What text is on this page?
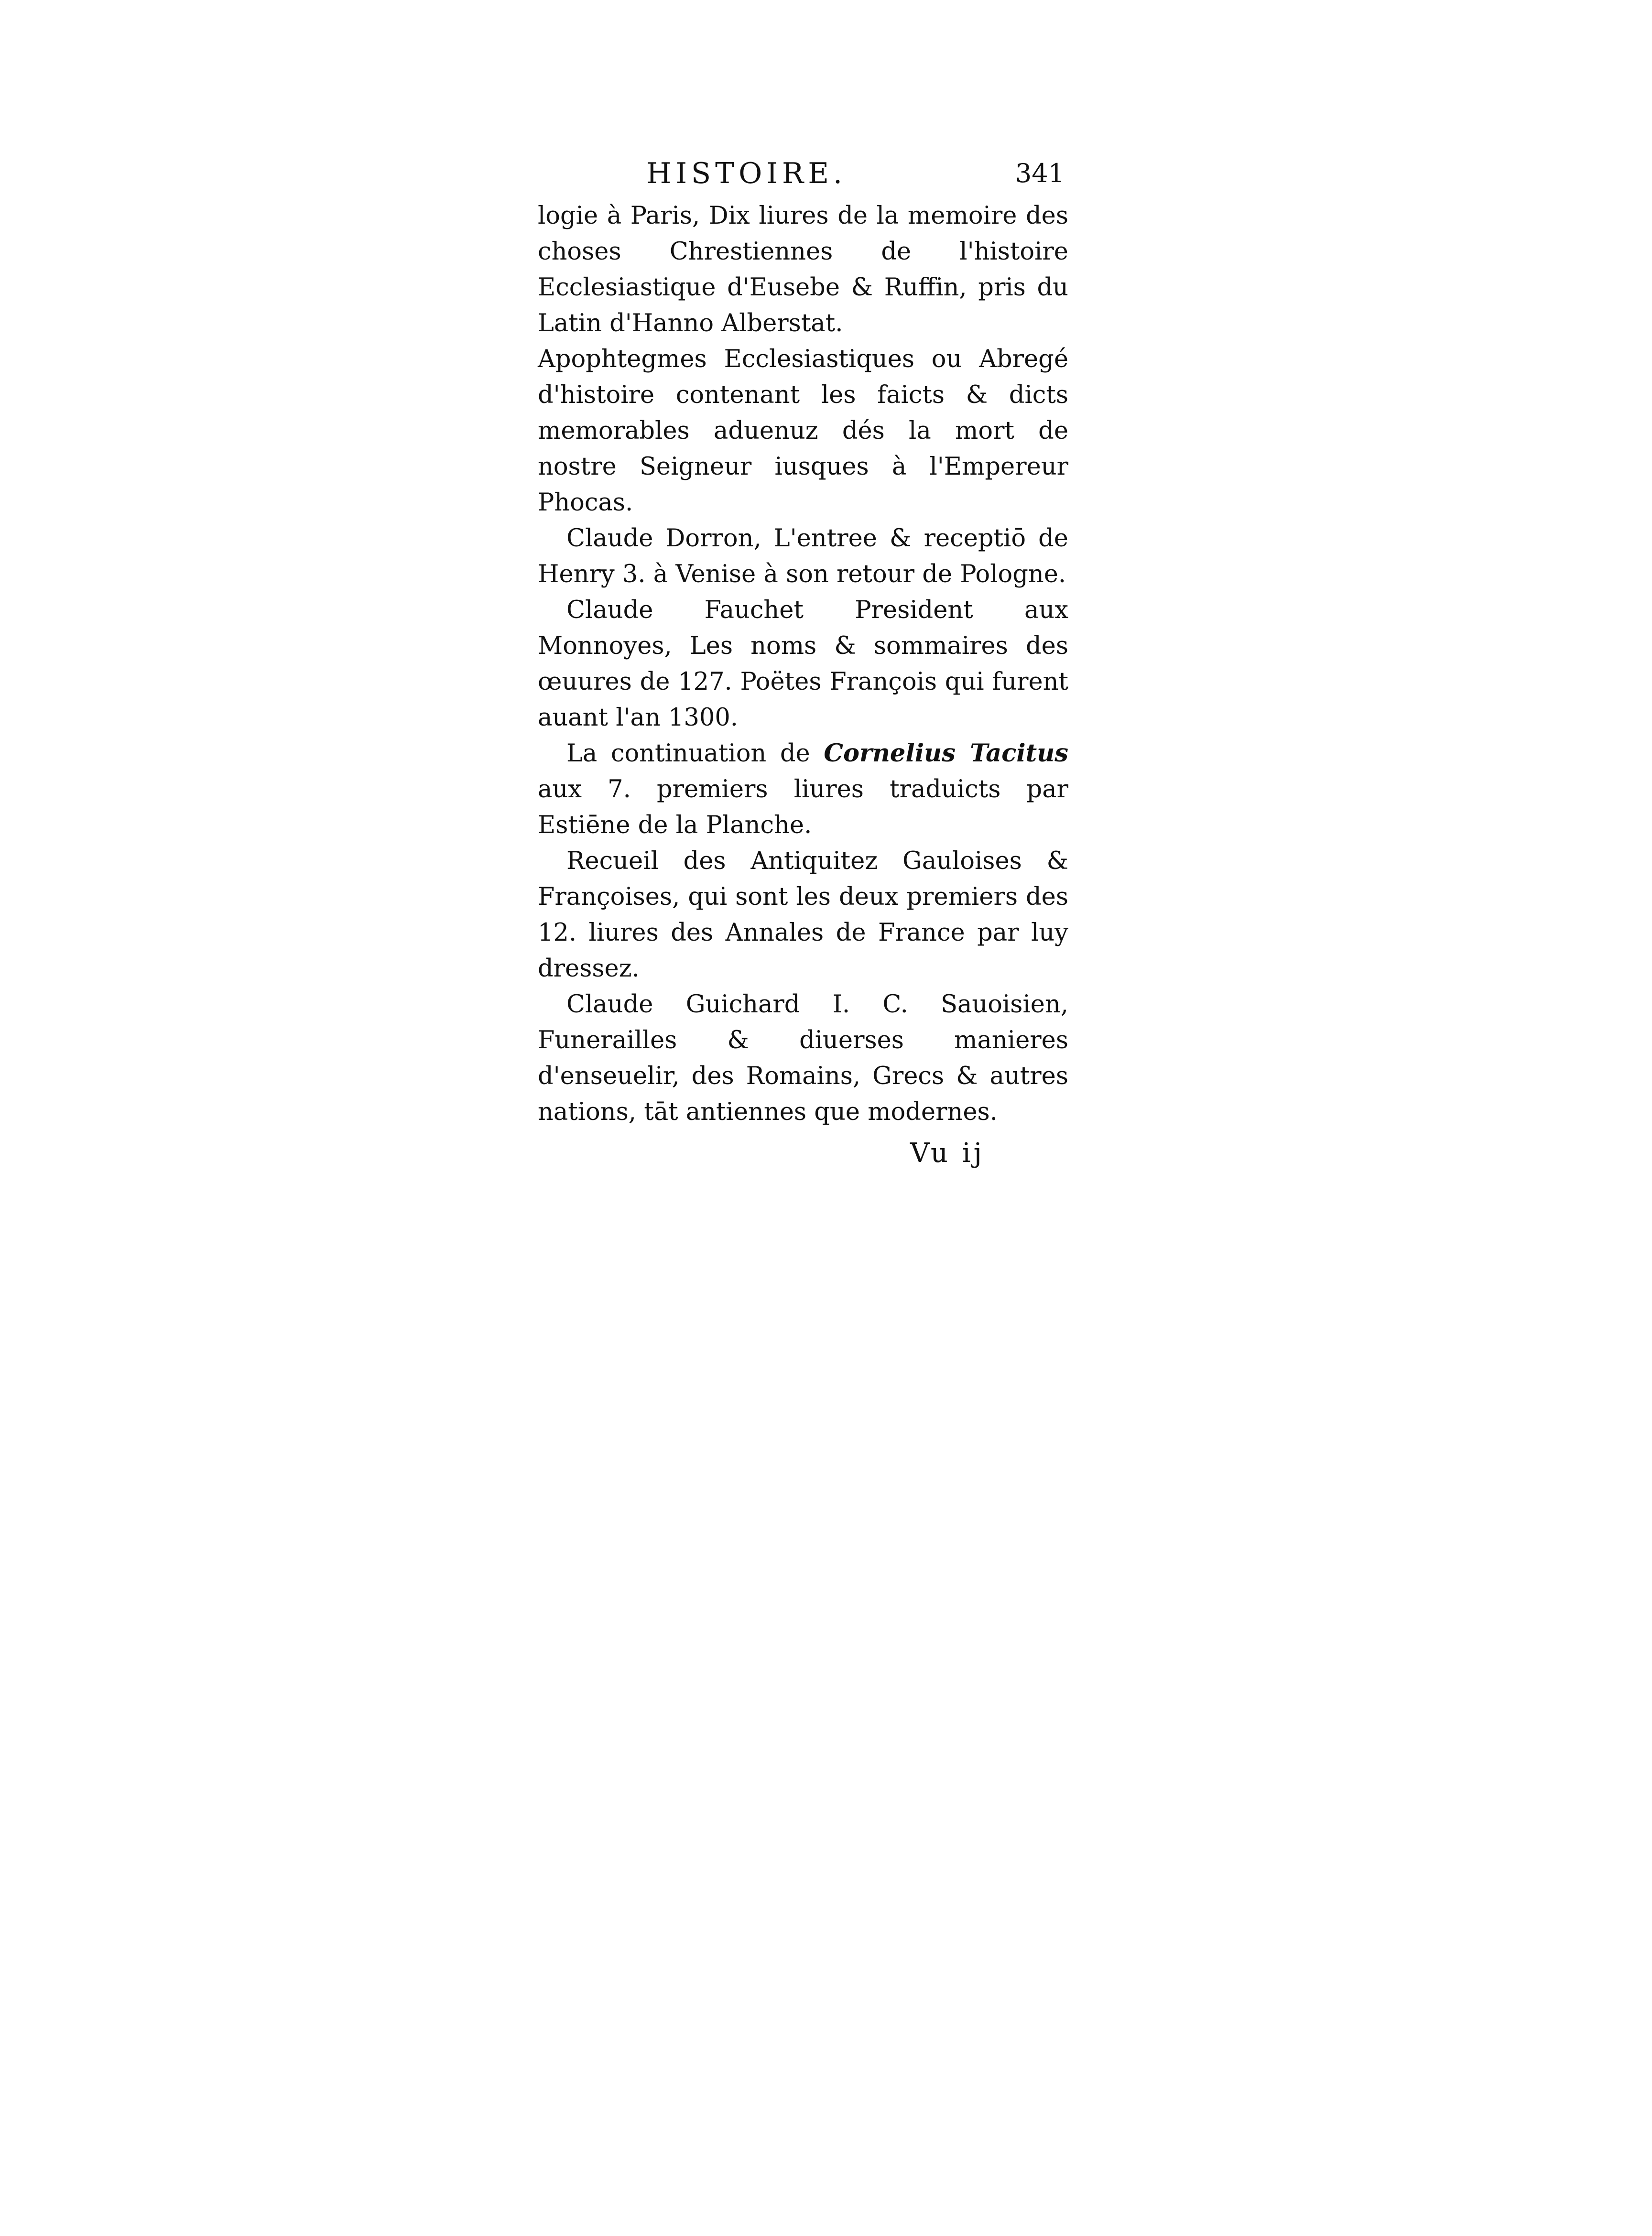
HISTOIRE.	341

logie à Paris, Dix liures de la memoire des choses Chrestiennes de l'histoire Ecclesiastique d'Eusebe & Ruffin, pris du Latin d'Hanno Alberstat.

Apophtegmes Ecclesiastiques ou Abregé d'histoire contenant les faicts & dicts memorables aduenuz dés la mort de nostre Seigneur iusques à l'Empereur Phocas.

Claude Dorron, L'entree & receptiō de Henry 3. à Venise à son retour de Pologne.

Claude Fauchet President aux Monnoyes, Les noms & sommaires des œuures de 127. Poëtes François qui furent auant l'an 1300.

La continuation de Cornelius Tacitus aux 7. premiers liures traduicts par Estiēne de la Planche.

Recueil des Antiquitez Gauloises & Françoises, qui sont les deux premiers des 12. liures des Annales de France par luy dressez.

Claude Guichard I. C. Sauoisien, Funerailles & diuerses manieres d'enseuelir, des Romains, Grecs & autres nations, tāt antiennes que modernes.

Vu ij
